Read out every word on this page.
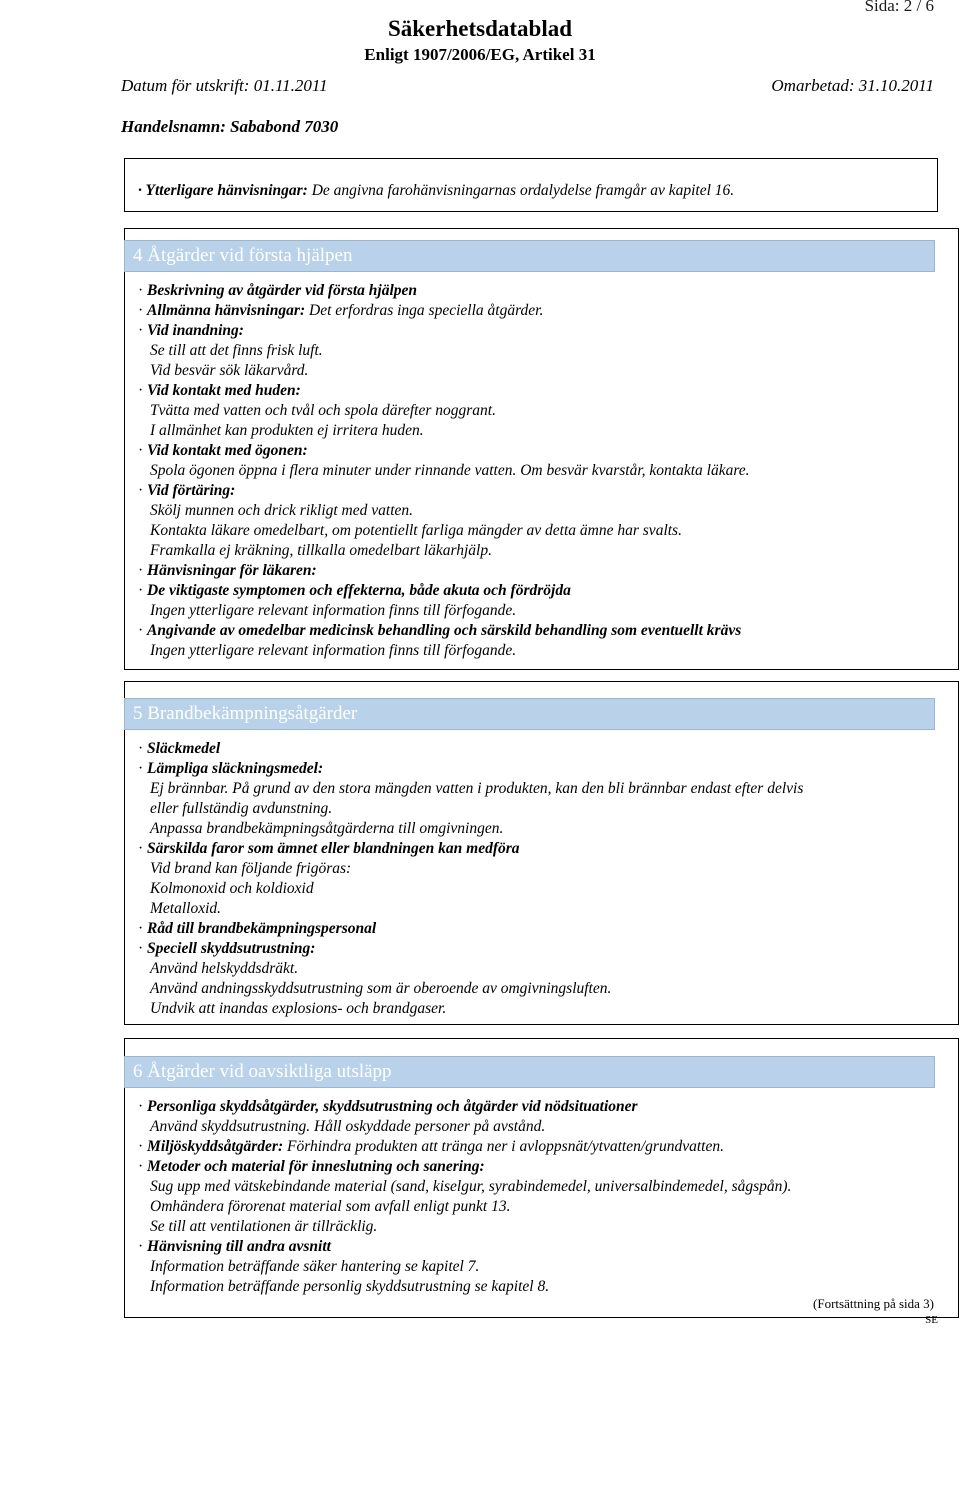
Sida: 2 / 6
Säkerhetsdatablad
Enligt 1907/2006/EG, Artikel 31
Datum för utskrift: 01.11.2011	Omarbetad: 31.10.2011
Handelsnamn: Sababond 7030
· Ytterligare hänvisningar: De angivna farohänvisningarnas ordalydelse framgår av kapitel 16.
4 Åtgärder vid första hjälpen
· Beskrivning av åtgärder vid första hjälpen
· Allmänna hänvisningar: Det erfordras inga speciella åtgärder.
· Vid inandning:
Se till att det finns frisk luft.
Vid besvär sök läkarvård.
· Vid kontakt med huden:
Tvätta med vatten och tvål och spola därefter noggrant.
I allmänhet kan produkten ej irritera huden.
· Vid kontakt med ögonen:
Spola ögonen öppna i flera minuter under rinnande vatten. Om besvär kvarstår, kontakta läkare.
· Vid förtäring:
Skölj munnen och drick rikligt med vatten.
Kontakta läkare omedelbart, om potentiellt farliga mängder av detta ämne har svalts.
Framkalla ej kräkning, tillkalla omedelbart läkarhjälp.
· Hänvisningar för läkaren:
· De viktigaste symptomen och effekterna, både akuta och fördröjda
Ingen ytterligare relevant information finns till förfogande.
· Angivande av omedelbar medicinsk behandling och särskild behandling som eventuellt krävs
Ingen ytterligare relevant information finns till förfogande.
5 Brandbekämpningsåtgärder
· Släckmedel
· Lämpliga släckningsmedel:
Ej brännbar. På grund av den stora mängden vatten i produkten, kan den bli brännbar endast efter delvis
eller fullständig avdunstning.
Anpassa brandbekämpningsåtgärderna till omgivningen.
· Särskilda faror som ämnet eller blandningen kan medföra
Vid brand kan följande frigöras:
Kolmonoxid och koldioxid
Metalloxid.
· Råd till brandbekämpningspersonal
· Speciell skyddsutrustning:
Använd helskyddsdräkt.
Använd andningsskyddsutrustning som är oberoende av omgivningsluften.
Undvik att inandas explosions- och brandgaser.
6 Åtgärder vid oavsiktliga utsläpp
· Personliga skyddsåtgärder, skyddsutrustning och åtgärder vid nödsituationer
Använd skyddsutrustning. Håll oskyddade personer på avstånd.
· Miljöskyddsåtgärder: Förhindra produkten att tränga ner i avloppsnät/ytvatten/grundvatten.
· Metoder och material för inneslutning och sanering:
Sug upp med vätskebindande material (sand, kiselgur, syrabindemedel, universalbindemedel, sågspån).
Omhändera förorenat material som avfall enligt punkt 13.
Se till att ventilationen är tillräcklig.
· Hänvisning till andra avsnitt
Information beträffande säker hantering se kapitel 7.
Information beträffande personlig skyddsutrustning se kapitel 8.
(Fortsättning på sida 3)
SE
